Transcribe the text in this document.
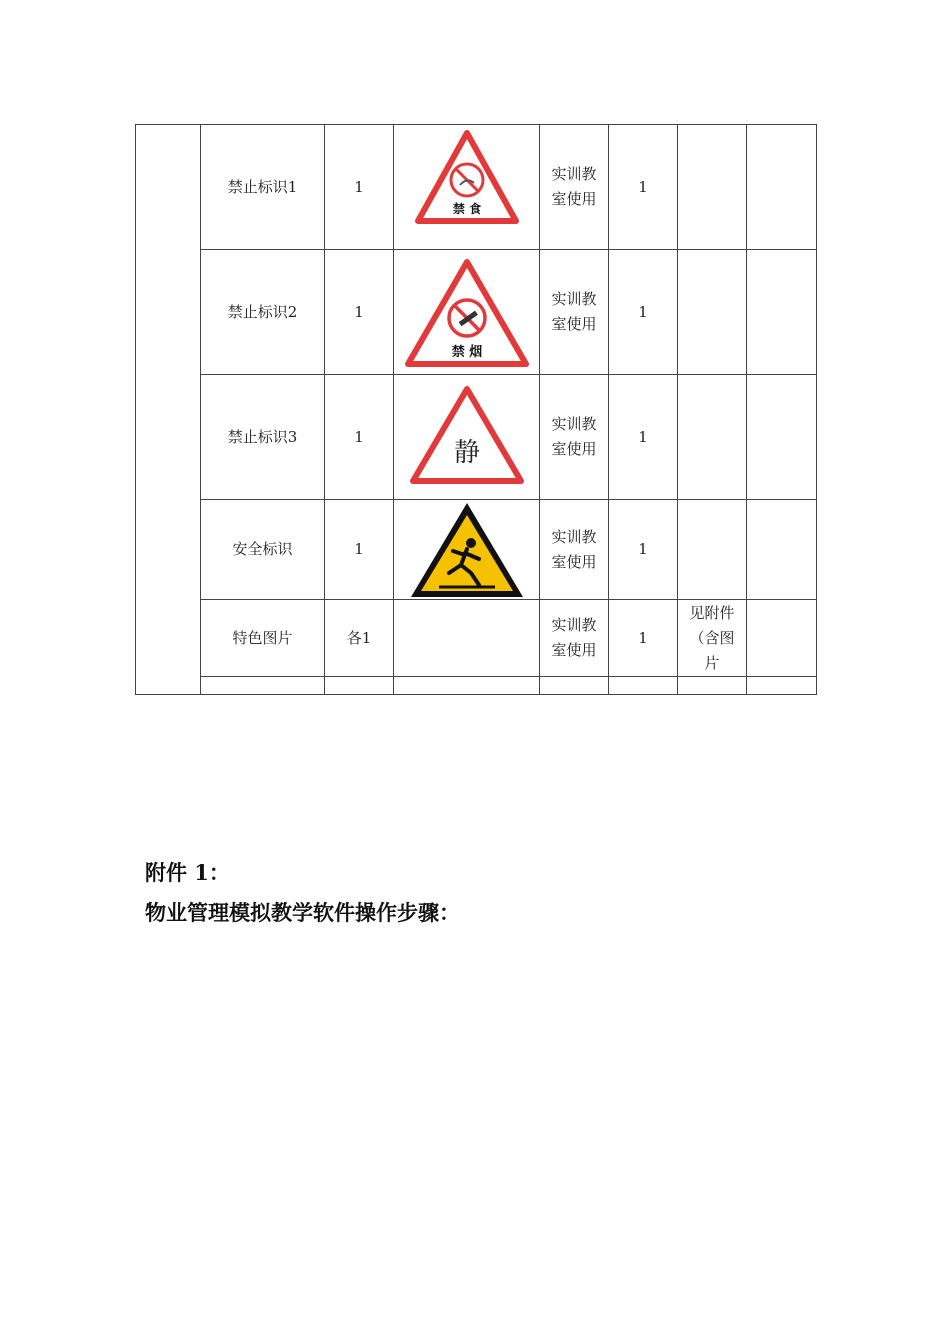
	禁止标识1	1	禁 食	实训教室使用	1		
	禁止标识2	1	禁 烟	实训教室使用	1		
	禁止标识3	1	静	实训教室使用	1		
	安全标识	1		实训教室使用	1		
	特色图片	各1		实训教室使用	1	见附件（含图片	

附件 1：
物业管理模拟教学软件操作步骤：
